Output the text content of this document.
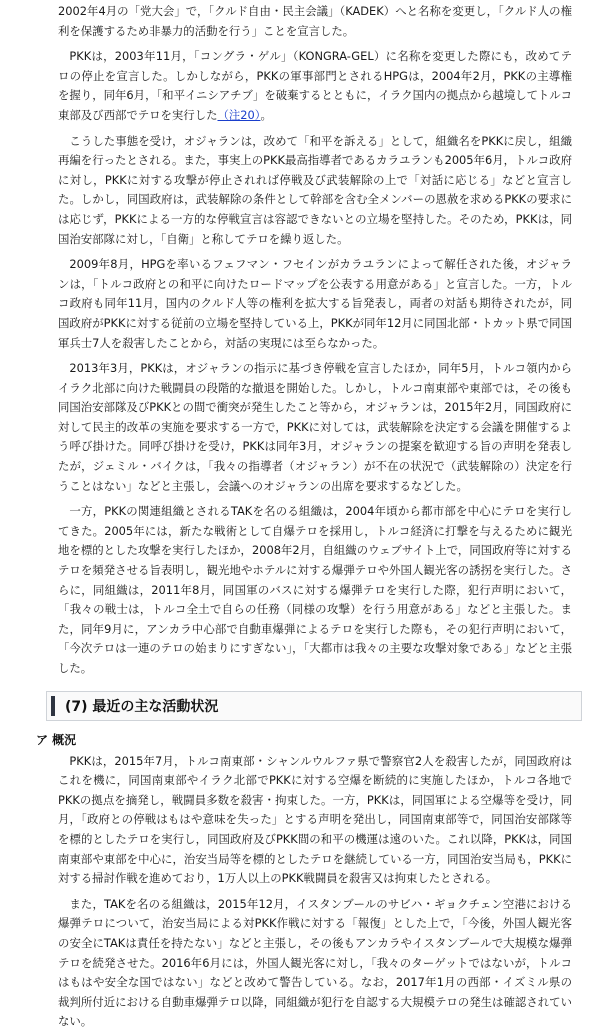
2002年4月の「党大会」で，「クルド自由・民主会議」（KADEK）へと名称を変更し，「クルド人の権利を保護するため非暴力的活動を行う」ことを宣言した。

PKKは，2003年11月，「コングラ・ゲル」（KONGRA-GEL）に名称を変更した際にも，改めてテロの停止を宣言した。しかしながら，PKKの軍事部門とされるHPGは，2004年2月，PKKの主導権を握り，同年6月，「和平イニシアチブ」を破棄するとともに，イラク国内の拠点から越境してトルコ東部及び西部でテロを実行した（注20）。

こうした事態を受け，オジャランは，改めて「和平を訴える」として，組織名をPKKに戻し，組織再編を行ったとされる。また，事実上のPKK最高指導者であるカラユランも2005年6月，トルコ政府に対し，PKKに対する攻撃が停止されれば停戦及び武装解除の上で「対話に応じる」などと宣言した。しかし，同国政府は，武装解除の条件として幹部を含む全メンバーの恩赦を求めるPKKの要求には応じず，PKKによる一方的な停戦宣言は容認できないとの立場を堅持した。そのため，PKKは，同国治安部隊に対し，「自衛」と称してテロを繰り返した。

2009年8月，HPGを率いるフェフマン・フセインがカラユランによって解任された後，オジャランは，「トルコ政府との和平に向けたロードマップを公表する用意がある」と宣言した。一方，トルコ政府も同年11月，国内のクルド人等の権利を拡大する旨発表し，両者の対話も期待されたが，同国政府がPKKに対する従前の立場を堅持している上，PKKが同年12月に同国北部・トカット県で同国軍兵士7人を殺害したことから，対話の実現には至らなかった。

2013年3月，PKKは，オジャランの指示に基づき停戦を宣言したほか，同年5月，トルコ領内からイラク北部に向けた戦闘員の段階的な撤退を開始した。しかし，トルコ南東部や東部では，その後も同国治安部隊及びPKKとの間で衝突が発生したこと等から，オジャランは，2015年2月，同国政府に対して民主的改革の実施を要求する一方で，PKKに対しては，武装解除を決定する会議を開催するよう呼び掛けた。同呼び掛けを受け，PKKは同年3月，オジャランの提案を歓迎する旨の声明を発表したが，ジェミル・バイクは，「我々の指導者（オジャラン）が不在の状況で（武装解除の）決定を行うことはない」などと主張し，会議へのオジャランの出席を要求するなどした。

一方，PKKの関連組織とされるTAKを名のる組織は，2004年頃から都市部を中心にテロを実行してきた。2005年には，新たな戦術として自爆テロを採用し，トルコ経済に打撃を与えるために観光地を標的とした攻撃を実行したほか，2008年2月，自組織のウェブサイト上で，同国政府等に対するテロを頻発させる旨表明し，観光地やホテルに対する爆弾テロや外国人観光客の誘拐を実行した。さらに，同組織は，2011年8月，同国軍のバスに対する爆弾テロを実行した際，犯行声明において，「我々の戦士は，トルコ全土で自らの任務（同様の攻撃）を行う用意がある」などと主張した。また，同年9月に，アンカラ中心部で自動車爆弾によるテロを実行した際も，その犯行声明において，「今次テロは一連のテロの始まりにすぎない」，「大都市は我々の主要な攻撃対象である」などと主張した。

(7) 最近の主な活動状況
ア 概況

PKKは，2015年7月，トルコ南東部・シャンルウルファ県で警察官2人を殺害したが，同国政府はこれを機に，同国南東部やイラク北部でPKKに対する空爆を断続的に実施したほか，トルコ各地でPKKの拠点を摘発し，戦闘員多数を殺害・拘束した。一方，PKKは，同国軍による空爆等を受け，同月，「政府との停戦はもはや意味を失った」とする声明を発出し，同国南東部等で，同国治安部隊等を標的としたテロを実行し，同国政府及びPKK間の和平の機運は遠のいた。これ以降，PKKは，同国南東部や東部を中心に，治安当局等を標的としたテロを継続している一方，同国治安当局も，PKKに対する掃討作戦を進めており，1万人以上のPKK戦闘員を殺害又は拘束したとされる。

また，TAKを名のる組織は，2015年12月，イスタンブールのサビハ・ギョクチェン空港における爆弾テロについて，治安当局による対PKK作戦に対する「報復」とした上で，「今後，外国人観光客の安全にTAKは責任を持たない」などと主張し，その後もアンカラやイスタンブールで大規模な爆弾テロを続発させた。2016年6月には，外国人観光客に対し，「我々のターゲットではないが，トルコはもはや安全な国ではない」などと改めて警告している。なお，2017年1月の西部・イズミル県の裁判所付近における自動車爆弾テロ以降，同組織が犯行を自認する大規模テロの発生は確認されていない。
